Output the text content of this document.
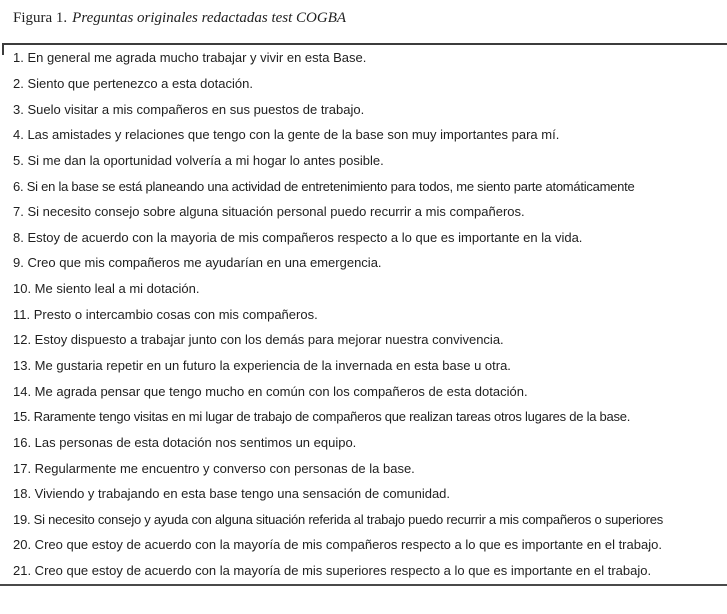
Figura 1. Preguntas originales redactadas test COGBA
1. En general me agrada mucho trabajar y vivir en esta Base.
2. Siento que pertenezco a esta dotación.
3. Suelo visitar a mis compañeros en sus puestos de trabajo.
4. Las amistades y relaciones que tengo con la gente de la base son muy importantes para mí.
5. Si me dan la oportunidad volvería a mi hogar lo antes posible.
6. Si en la base se está planeando una actividad de entretenimiento para todos, me siento parte atomáticamente
7. Si necesito consejo sobre alguna situación personal puedo recurrir a mis compañeros.
8. Estoy de acuerdo con la mayoria de mis compañeros respecto a lo que es importante en la vida.
9. Creo que mis compañeros me ayudarían en una emergencia.
10. Me siento leal a mi dotación.
11. Presto o intercambio cosas con mis compañeros.
12. Estoy dispuesto a trabajar junto con los demás para mejorar nuestra convivencia.
13. Me gustaria repetir en un futuro la experiencia de la invernada en esta base u otra.
14. Me agrada pensar que tengo mucho en común con los compañeros de esta dotación.
15. Raramente tengo visitas en mi lugar de trabajo de compañeros que realizan tareas otros lugares de la base.
16. Las personas de esta dotación nos sentimos un equipo.
17. Regularmente me encuentro y converso con personas de la base.
18. Viviendo y trabajando en esta base tengo una sensación de comunidad.
19. Si necesito consejo y ayuda con alguna situación referida al trabajo puedo recurrir a mis compañeros o superiores
20. Creo que estoy de acuerdo con la mayoría de mis compañeros respecto a lo que es importante en el trabajo.
21. Creo que estoy de acuerdo con la mayoría de mis superiores respecto a lo que es importante en el trabajo.
